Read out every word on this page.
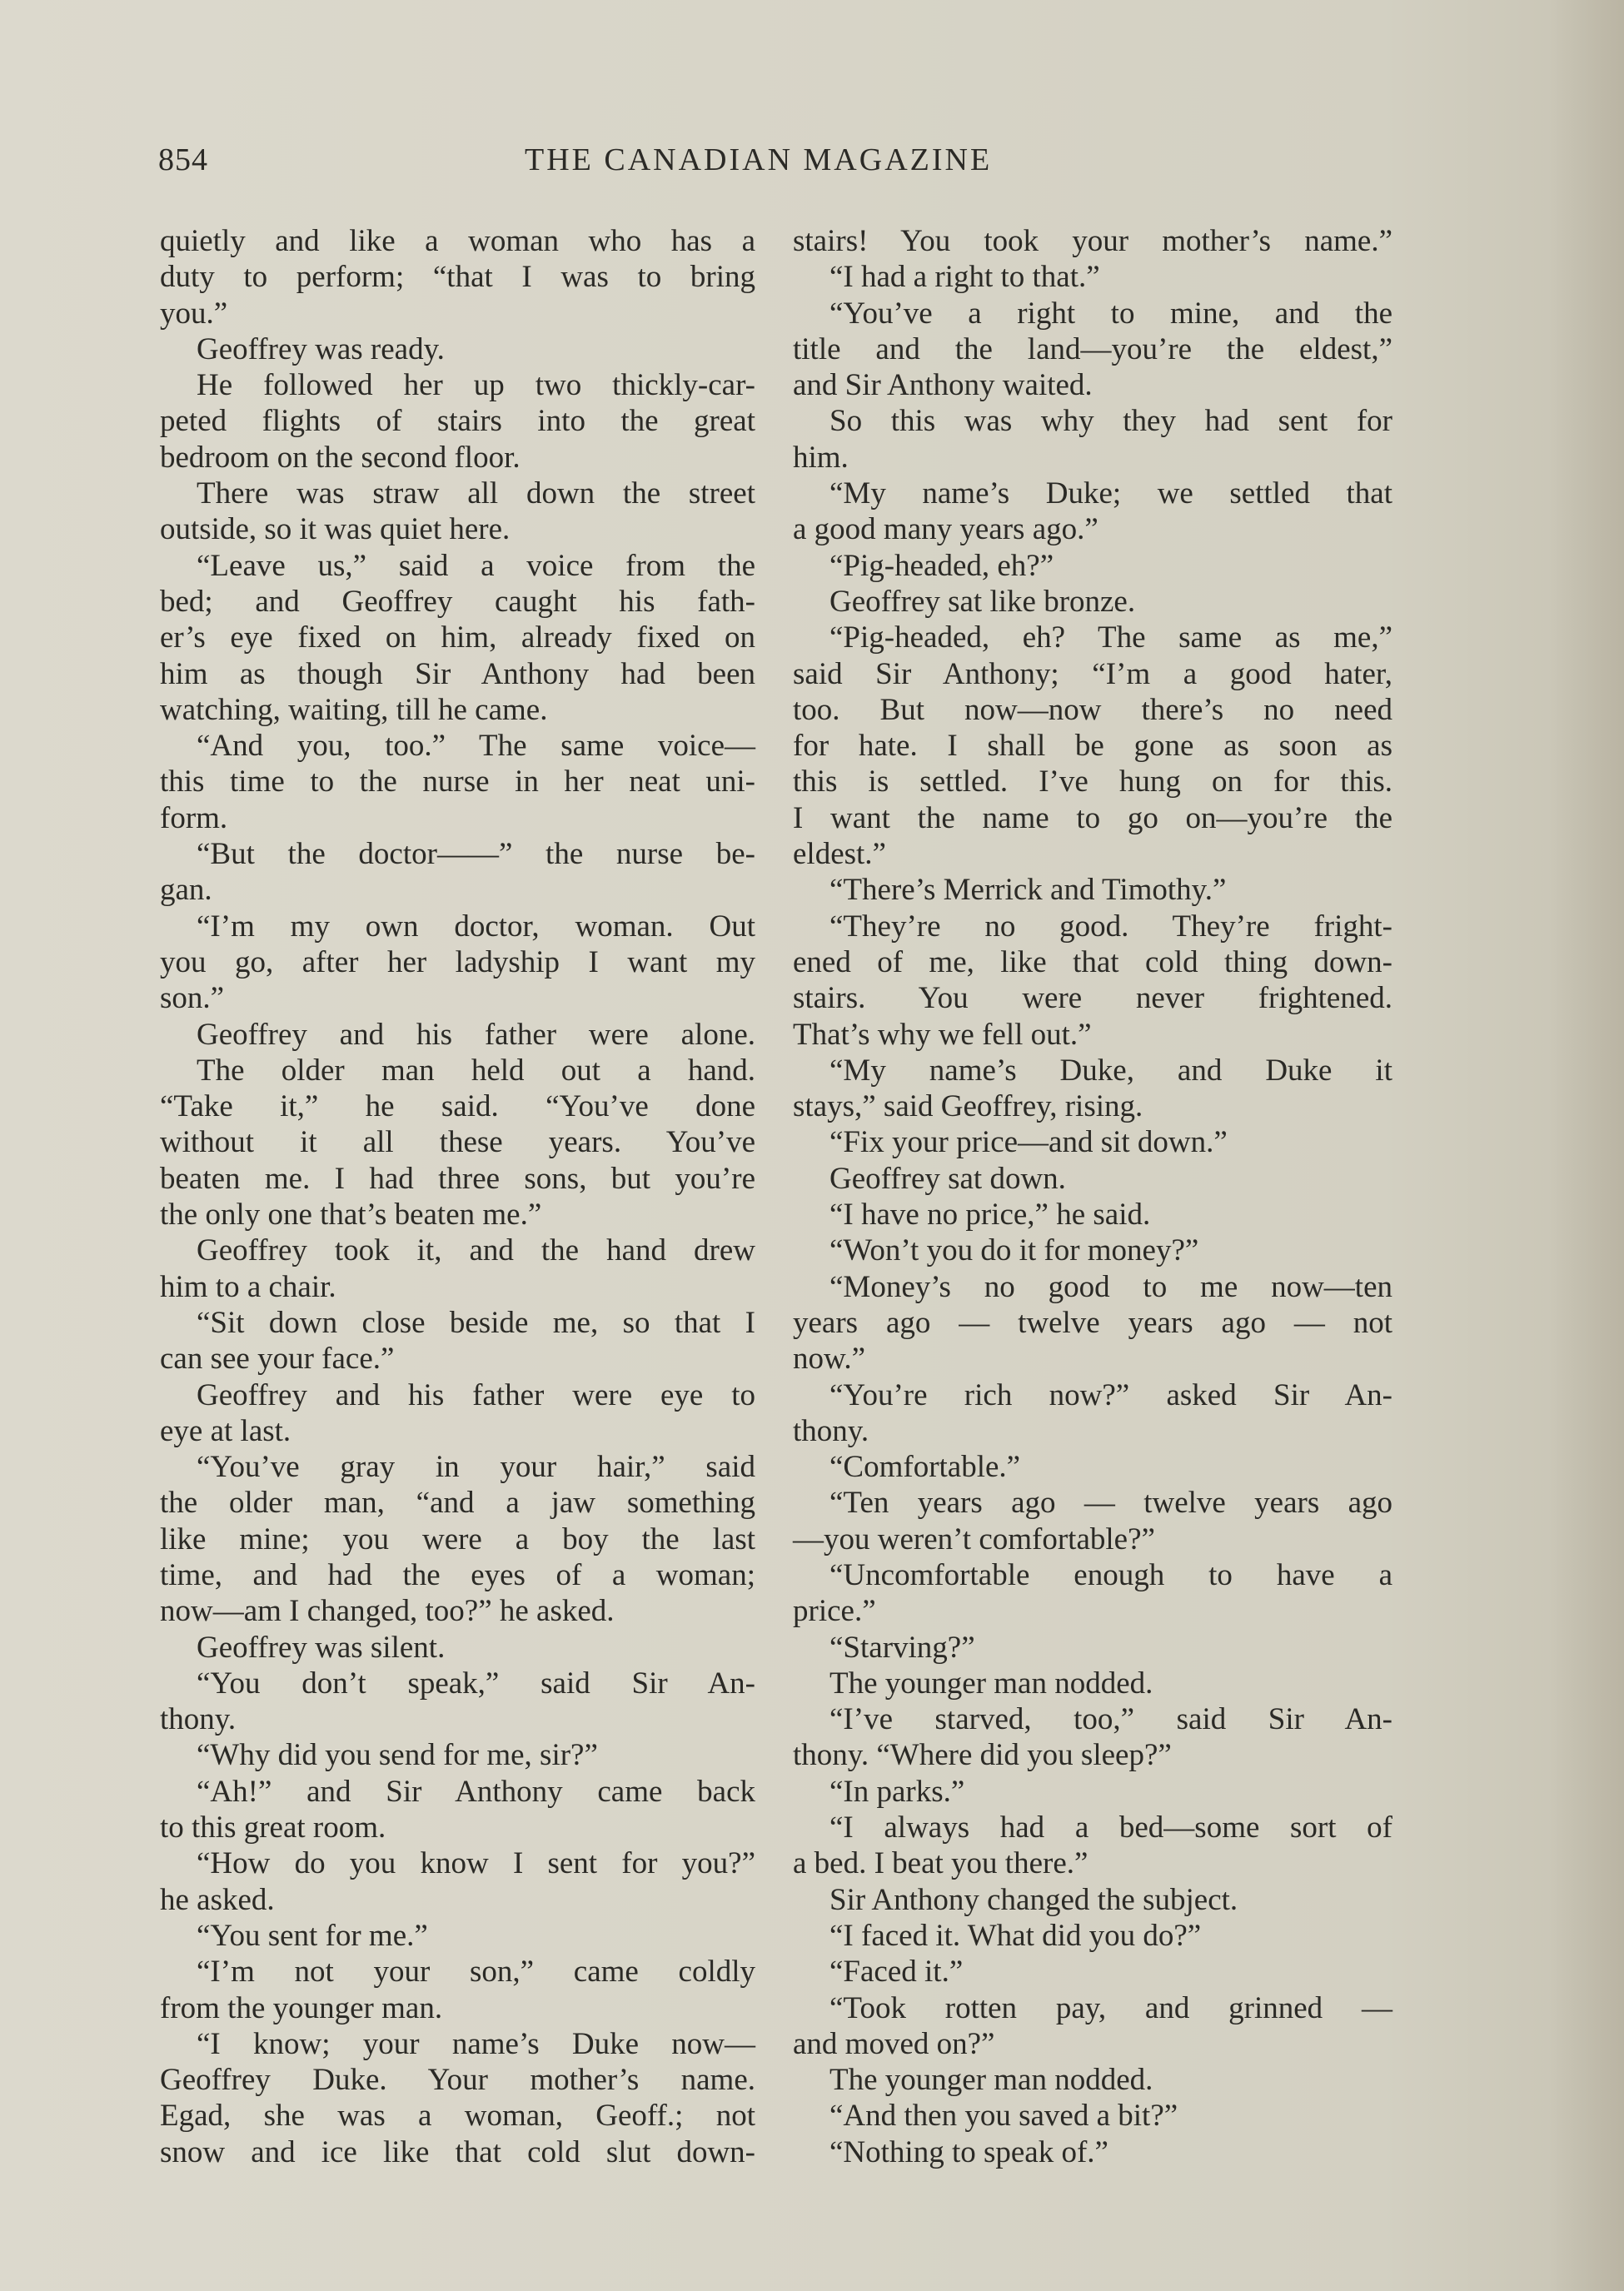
854	THE CANADIAN MAGAZINE
quietly and like a woman who has a
duty to perform; “that I was to bring
you.”
Geoffrey was ready.
He followed her up two thickly-car-
peted flights of stairs into the great
bedroom on the second floor.
There was straw all down the street
outside, so it was quiet here.
“Leave us,” said a voice from the
bed; and Geoffrey caught his fath-
er’s eye fixed on him, already fixed on
him as though Sir Anthony had been
watching, waiting, till he came.
“And you, too.” The same voice—
this time to the nurse in her neat uni-
form.
“But the doctor——” the nurse be-
gan.
“I’m my own doctor, woman. Out
you go, after her ladyship I want my
son.”
Geoffrey and his father were alone.
The older man held out a hand.
“Take it,” he said. “You’ve done
without it all these years. You’ve
beaten me. I had three sons, but you’re
the only one that’s beaten me.”
Geoffrey took it, and the hand drew
him to a chair.
“Sit down close beside me, so that I
can see your face.”
Geoffrey and his father were eye to
eye at last.
“You’ve gray in your hair,” said
the older man, “and a jaw something
like mine; you were a boy the last
time, and had the eyes of a woman;
now—am I changed, too?” he asked.
Geoffrey was silent.
“You don’t speak,” said Sir An-
thony.
“Why did you send for me, sir?”
“Ah!” and Sir Anthony came back
to this great room.
“How do you know I sent for you?”
he asked.
“You sent for me.”
“I’m not your son,” came coldly
from the younger man.
“I know; your name’s Duke now—
Geoffrey Duke. Your mother’s name.
Egad, she was a woman, Geoff.; not
snow and ice like that cold slut down-
stairs! You took your mother’s name.”
“I had a right to that.”
“You’ve a right to mine, and the
title and the land—you’re the eldest,”
and Sir Anthony waited.
So this was why they had sent for
him.
“My name’s Duke; we settled that
a good many years ago.”
“Pig-headed, eh?”
Geoffrey sat like bronze.
“Pig-headed, eh? The same as me,”
said Sir Anthony; “I’m a good hater,
too. But now—now there’s no need
for hate. I shall be gone as soon as
this is settled. I’ve hung on for this.
I want the name to go on—you’re the
eldest.”
“There’s Merrick and Timothy.”
“They’re no good. They’re fright-
ened of me, like that cold thing down-
stairs. You were never frightened.
That’s why we fell out.”
“My name’s Duke, and Duke it
stays,” said Geoffrey, rising.
“Fix your price—and sit down.”
Geoffrey sat down.
“I have no price,” he said.
“Won’t you do it for money?”
“Money’s no good to me now—ten
years ago — twelve years ago — not
now.”
“You’re rich now?” asked Sir An-
thony.
“Comfortable.”
“Ten years ago — twelve years ago
—you weren’t comfortable?”
“Uncomfortable enough to have a
price.”
“Starving?”
The younger man nodded.
“I’ve starved, too,” said Sir An-
thony. “Where did you sleep?”
“In parks.”
“I always had a bed—some sort of
a bed. I beat you there.”
Sir Anthony changed the subject.
“I faced it. What did you do?”
“Faced it.”
“Took rotten pay, and grinned —
and moved on?”
The younger man nodded.
“And then you saved a bit?”
“Nothing to speak of.”
